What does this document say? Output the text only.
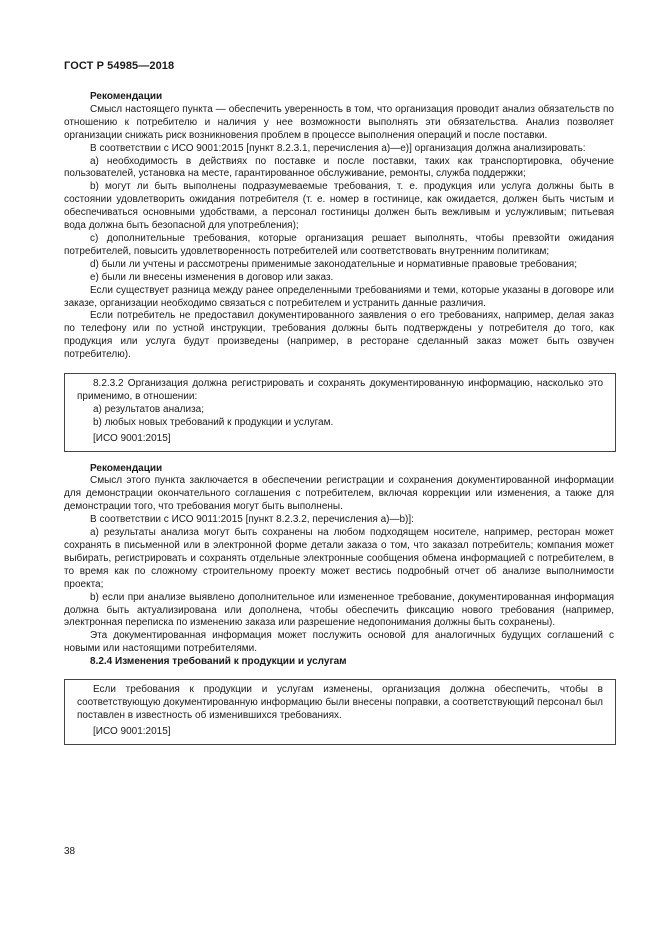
ГОСТ Р 54985—2018

Рекомендации

Смысл настоящего пункта — обеспечить уверенность в том, что организация проводит анализ обязательств по отношению к потребителю и наличия у нее возможности выполнять эти обязательства. Анализ позволяет организации снижать риск возникновения проблем в процессе выполнения операций и после поставки.

В соответствии с ИСО 9001:2015 [пункт 8.2.3.1, перечисления а)—е)] организация должна анализировать:

a) необходимость в действиях по поставке и после поставки, таких как транспортировка, обучение пользователей, установка на месте, гарантированное обслуживание, ремонты, служба поддержки;

b) могут ли быть выполнены подразумеваемые требования, т. е. продукция или услуга должны быть в состоянии удовлетворить ожидания потребителя (т. е. номер в гостинице, как ожидается, должен быть чистым и обеспечиваться основными удобствами, а персонал гостиницы должен быть вежливым и услужливым; питьевая вода должна быть безопасной для употребления);

c) дополнительные требования, которые организация решает выполнять, чтобы превзойти ожидания потребителей, повысить удовлетворенность потребителей или соответствовать внутренним политикам;

d) были ли учтены и рассмотрены применимые законодательные и нормативные правовые требования;

e) были ли внесены изменения в договор или заказ.

Если существует разница между ранее определенными требованиями и теми, которые указаны в договоре или заказе, организации необходимо связаться с потребителем и устранить данные различия.

Если потребитель не предоставил документированного заявления о его требованиях, например, делая заказ по телефону или по устной инструкции, требования должны быть подтверждены у потребителя до того, как продукция или услуга будут произведены (например, в ресторане сделанный заказ может быть озвучен потребителю).

8.2.3.2 Организация должна регистрировать и сохранять документированную информацию, насколько это применимо, в отношении:

a) результатов анализа;

b) любых новых требований к продукции и услугам.

[ИСО 9001:2015]

Рекомендации

Смысл этого пункта заключается в обеспечении регистрации и сохранения документированной информации для демонстрации окончательного соглашения с потребителем, включая коррекции или изменения, а также для демонстрации того, что требования могут быть выполнены.

В соответствии с ИСО 9011:2015 [пункт 8.2.3.2, перечисления а)—b)]:

a) результаты анализа могут быть сохранены на любом подходящем носителе, например, ресторан может сохранять в письменной или в электронной форме детали заказа о том, что заказал потребитель; компания может выбирать, регистрировать и сохранять отдельные электронные сообщения обмена информацией с потребителем, в то время как по сложному строительному проекту может вестись подробный отчет об анализе выполнимости проекта;

b) если при анализе выявлено дополнительное или измененное требование, документированная информация должна быть актуализирована или дополнена, чтобы обеспечить фиксацию нового требования (например, электронная переписка по изменению заказа или разрешение недопонимания должны быть сохранены).

Эта документированная информация может послужить основой для аналогичных будущих соглашений с новыми или настоящими потребителями.

8.2.4 Изменения требований к продукции и услугам

Если требования к продукции и услугам изменены, организация должна обеспечить, чтобы в соответствующую документированную информацию были внесены поправки, а соответствующий персонал был поставлен в известность об изменившихся требованиях.

[ИСО 9001:2015]

38
